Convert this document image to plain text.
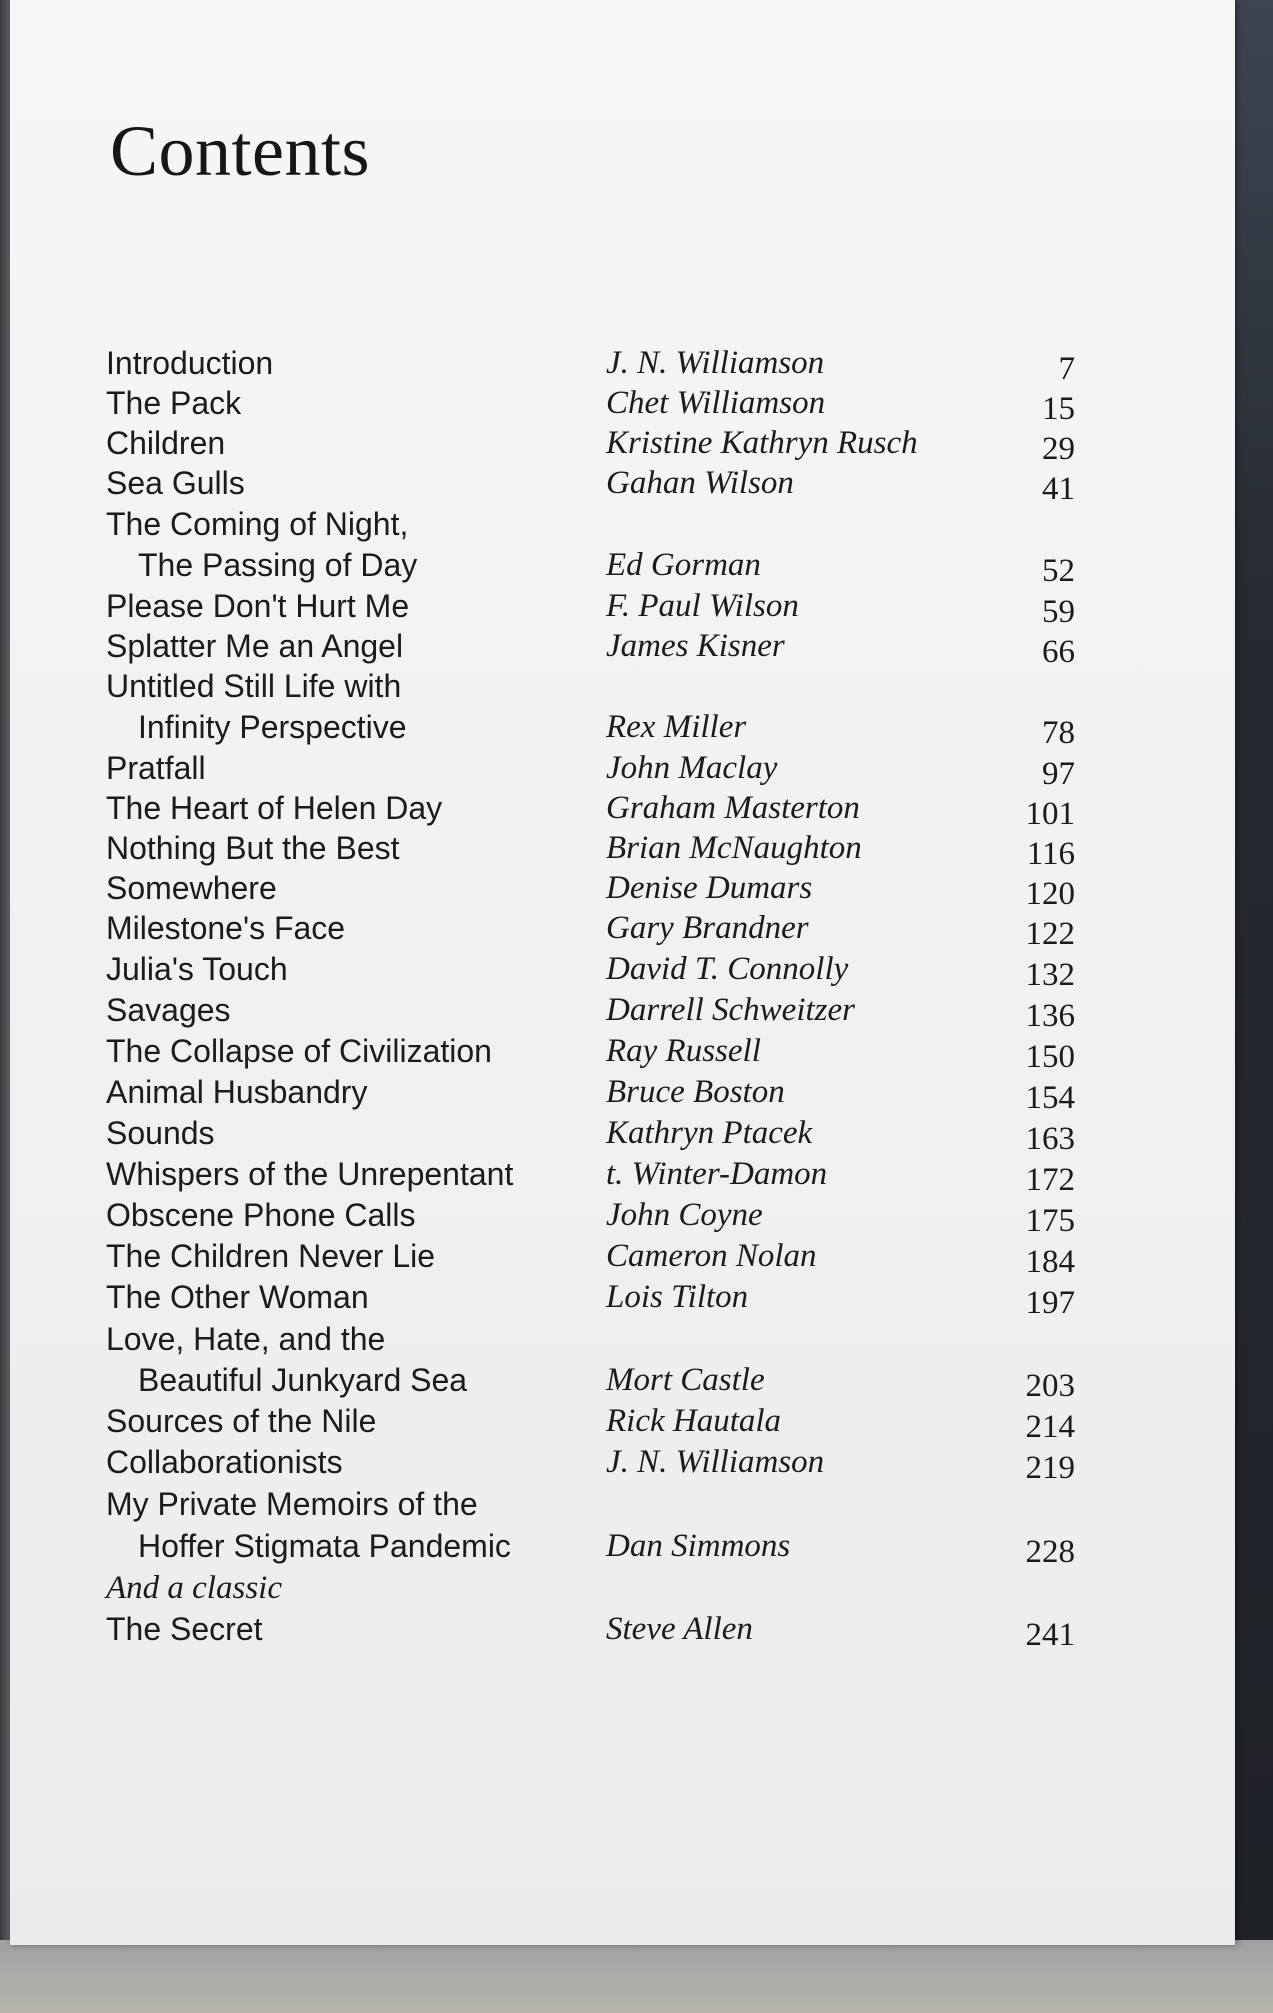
Contents
Introduction	J. N. Williamson	7
The Pack	Chet Williamson	15
Children	Kristine Kathryn Rusch	29
Sea Gulls	Gahan Wilson	41
The Coming of Night,
The Passing of Day	Ed Gorman	52
Please Don't Hurt Me	F. Paul Wilson	59
Splatter Me an Angel	James Kisner	66
Untitled Still Life with
Infinity Perspective	Rex Miller	78
Pratfall	John Maclay	97
The Heart of Helen Day	Graham Masterton	101
Nothing But the Best	Brian McNaughton	116
Somewhere	Denise Dumars	120
Milestone's Face	Gary Brandner	122
Julia's Touch	David T. Connolly	132
Savages	Darrell Schweitzer	136
The Collapse of Civilization	Ray Russell	150
Animal Husbandry	Bruce Boston	154
Sounds	Kathryn Ptacek	163
Whispers of the Unrepentant	t. Winter-Damon	172
Obscene Phone Calls	John Coyne	175
The Children Never Lie	Cameron Nolan	184
The Other Woman	Lois Tilton	197
Love, Hate, and the
Beautiful Junkyard Sea	Mort Castle	203
Sources of the Nile	Rick Hautala	214
Collaborationists	J. N. Williamson	219
My Private Memoirs of the
Hoffer Stigmata Pandemic	Dan Simmons	228
And a classic
The Secret	Steve Allen	241
